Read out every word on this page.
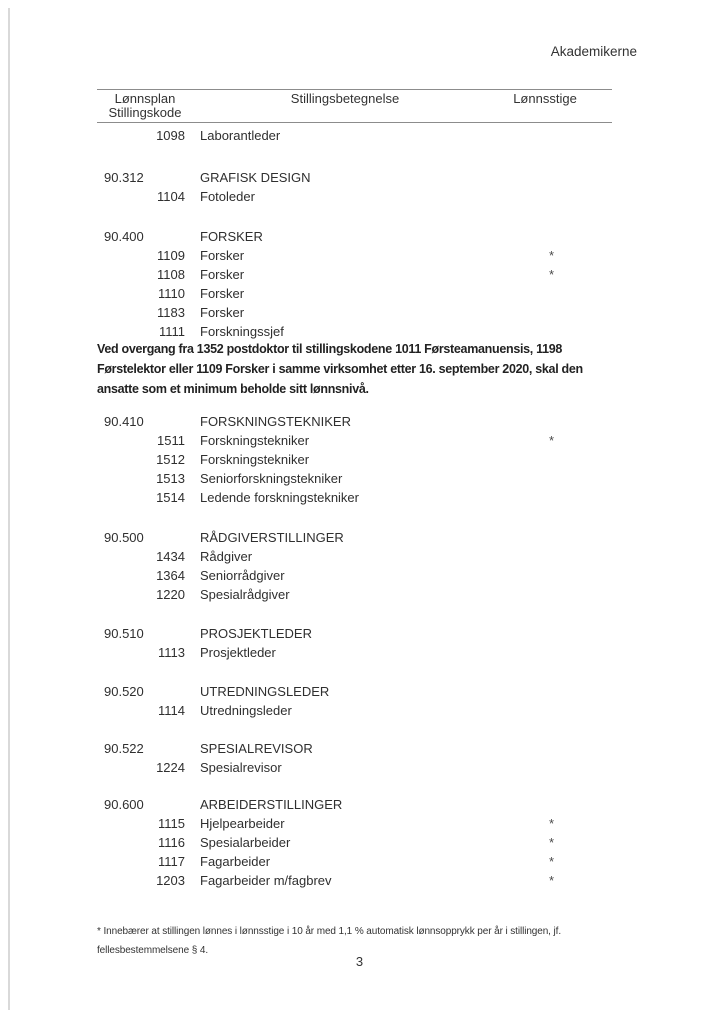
Akademikerne
Lønnsplan
Stillingskode
Stillingsbetegnelse	Lønnsstige
1098 Laborantleder
90.312	GRAFISK DESIGN
1104 Fotoleder
90.400	FORSKER
1109 Forsker	*
1108 Forsker	*
1110 Forsker
1183 Forsker
1111 Forskningssjef
Ved overgang fra 1352 postdoktor til stillingskodene 1011 Førsteamanuensis, 1198 Førstelektor eller 1109 Forsker i samme virksomhet etter 16. september 2020, skal den ansatte som et minimum beholde sitt lønnsnivå.
90.410	FORSKNINGSTEKNIKER
1511 Forskningstekniker	*
1512 Forskningstekniker
1513 Seniorforskningstekniker
1514 Ledende forskningstekniker
90.500	RÅDGIVERSTILLINGER
1434 Rådgiver
1364 Seniorrådgiver
1220 Spesialrådgiver
90.510	PROSJEKTLEDER
1113 Prosjektleder
90.520	UTREDNINGSLEDER
1114 Utredningsleder
90.522	SPESIALREVISOR
1224 Spesialrevisor
90.600	ARBEIDERSTILLINGER
1115 Hjelpearbeider	*
1116 Spesialarbeider	*
1117 Fagarbeider	*
1203 Fagarbeider m/fagbrev	*
* Innebærer at stillingen lønnes i lønnsstige i 10 år med 1,1 % automatisk lønnsopprykk per år i stillingen, jf. fellesbestemmelsene § 4.
3
